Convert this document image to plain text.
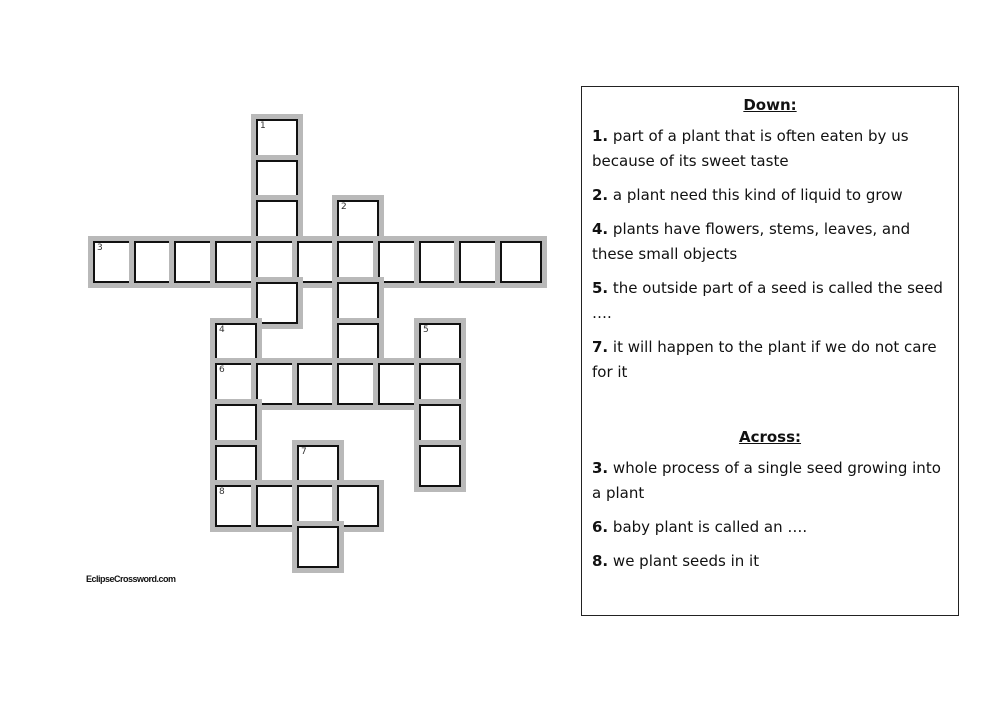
1
2
3
4	5
6
7
8
EclipseCrossword.com
Down:
1. part of a plant that is often eaten by us because of its sweet taste
2. a plant need this kind of liquid to grow
4. plants have flowers, stems, leaves, and these small objects
5. the outside part of a seed is called the seed ….
7. it will happen to the plant if we do not care for it
Across:
3. whole process of a single seed growing into a plant
6. baby plant is called an ….
8. we plant seeds in it
